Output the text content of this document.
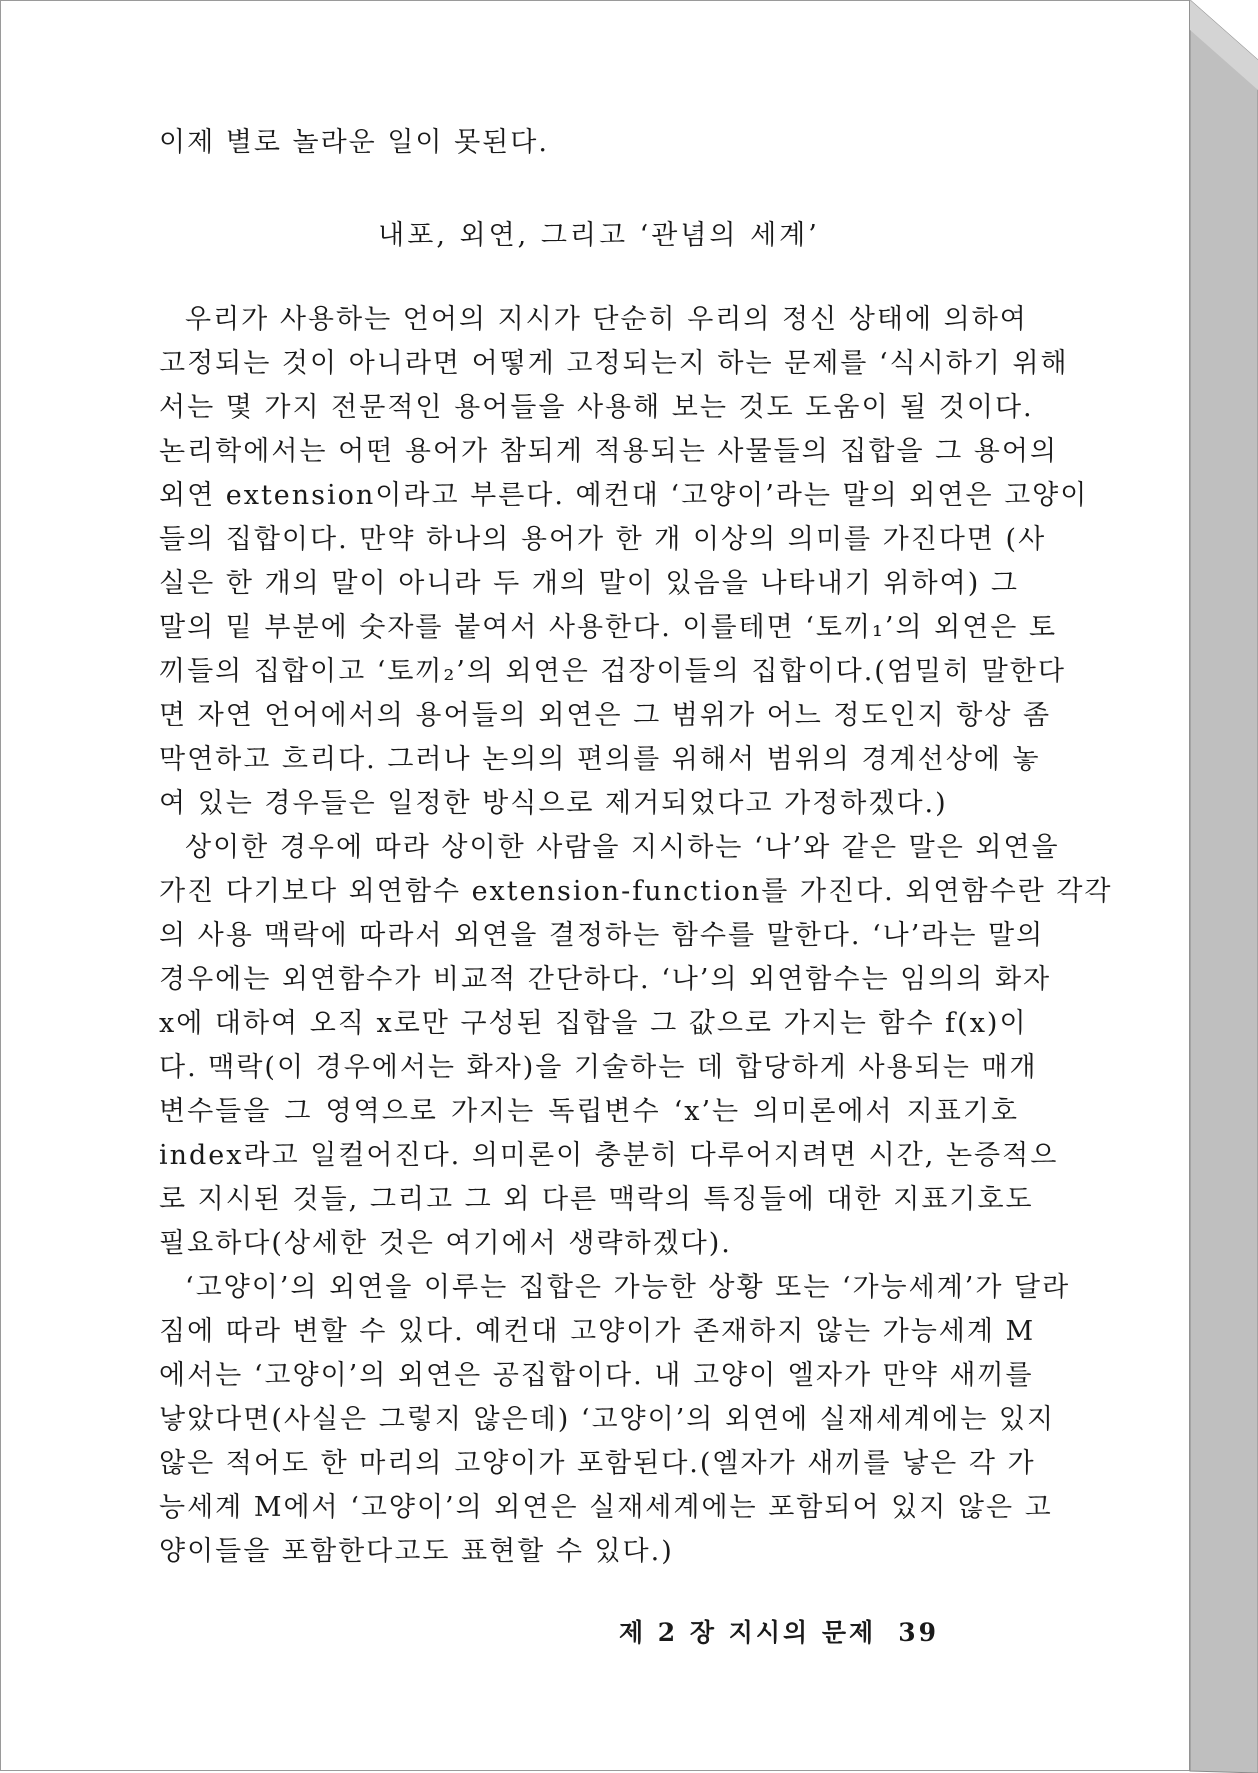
이제 별로 놀라운 일이 못된다.
내포, 외연, 그리고 ‘관념의 세계’
우리가 사용하는 언어의 지시가 단순히 우리의 정신 상태에 의하여
고정되는 것이 아니라면 어떻게 고정되는지 하는 문제를 ‘식시하기 위해
서는 몇 가지 전문적인 용어들을 사용해 보는 것도 도움이 될 것이다.
논리학에서는 어떤 용어가 참되게 적용되는 사물들의 집합을 그 용어의
외연 extension이라고 부른다. 예컨대 ‘고양이’라는 말의 외연은 고양이
들의 집합이다. 만약 하나의 용어가 한 개 이상의 의미를 가진다면 (사
실은 한 개의 말이 아니라 두 개의 말이 있음을 나타내기 위하여) 그
말의 밑 부분에 숫자를 붙여서 사용한다. 이를테면 ‘토끼₁’의 외연은 토
끼들의 집합이고 ‘토끼₂’의 외연은 겁장이들의 집합이다.(엄밀히 말한다
면 자연 언어에서의 용어들의 외연은 그 범위가 어느 정도인지 항상 좀
막연하고 흐리다. 그러나 논의의 편의를 위해서 범위의 경계선상에 놓
여 있는 경우들은 일정한 방식으로 제거되었다고 가정하겠다.)
상이한 경우에 따라 상이한 사람을 지시하는 ‘나’와 같은 말은 외연을
가진 다기보다 외연함수 extension-function를 가진다. 외연함수란 각각
의 사용 맥락에 따라서 외연을 결정하는 함수를 말한다. ‘나’라는 말의
경우에는 외연함수가 비교적 간단하다. ‘나’의 외연함수는 임의의 화자
x에 대하여 오직 x로만 구성된 집합을 그 값으로 가지는 함수 f(x)이
다. 맥락(이 경우에서는 화자)을 기술하는 데 합당하게 사용되는 매개
변수들을 그 영역으로 가지는 독립변수 ‘x’는 의미론에서 지표기호
index라고 일컬어진다. 의미론이 충분히 다루어지려면 시간, 논증적으
로 지시된 것들, 그리고 그 외 다른 맥락의 특징들에 대한 지표기호도
필요하다(상세한 것은 여기에서 생략하겠다).
‘고양이’의 외연을 이루는 집합은 가능한 상황 또는 ‘가능세계’가 달라
짐에 따라 변할 수 있다. 예컨대 고양이가 존재하지 않는 가능세계 M
에서는 ‘고양이’의 외연은 공집합이다. 내 고양이 엘자가 만약 새끼를
낳았다면(사실은 그렇지 않은데) ‘고양이’의 외연에 실재세계에는 있지
않은 적어도 한 마리의 고양이가 포함된다.(엘자가 새끼를 낳은 각 가
능세계 M에서 ‘고양이’의 외연은 실재세계에는 포함되어 있지 않은 고
양이들을 포함한다고도 표현할 수 있다.)
제 2 장 지시의 문제 39
